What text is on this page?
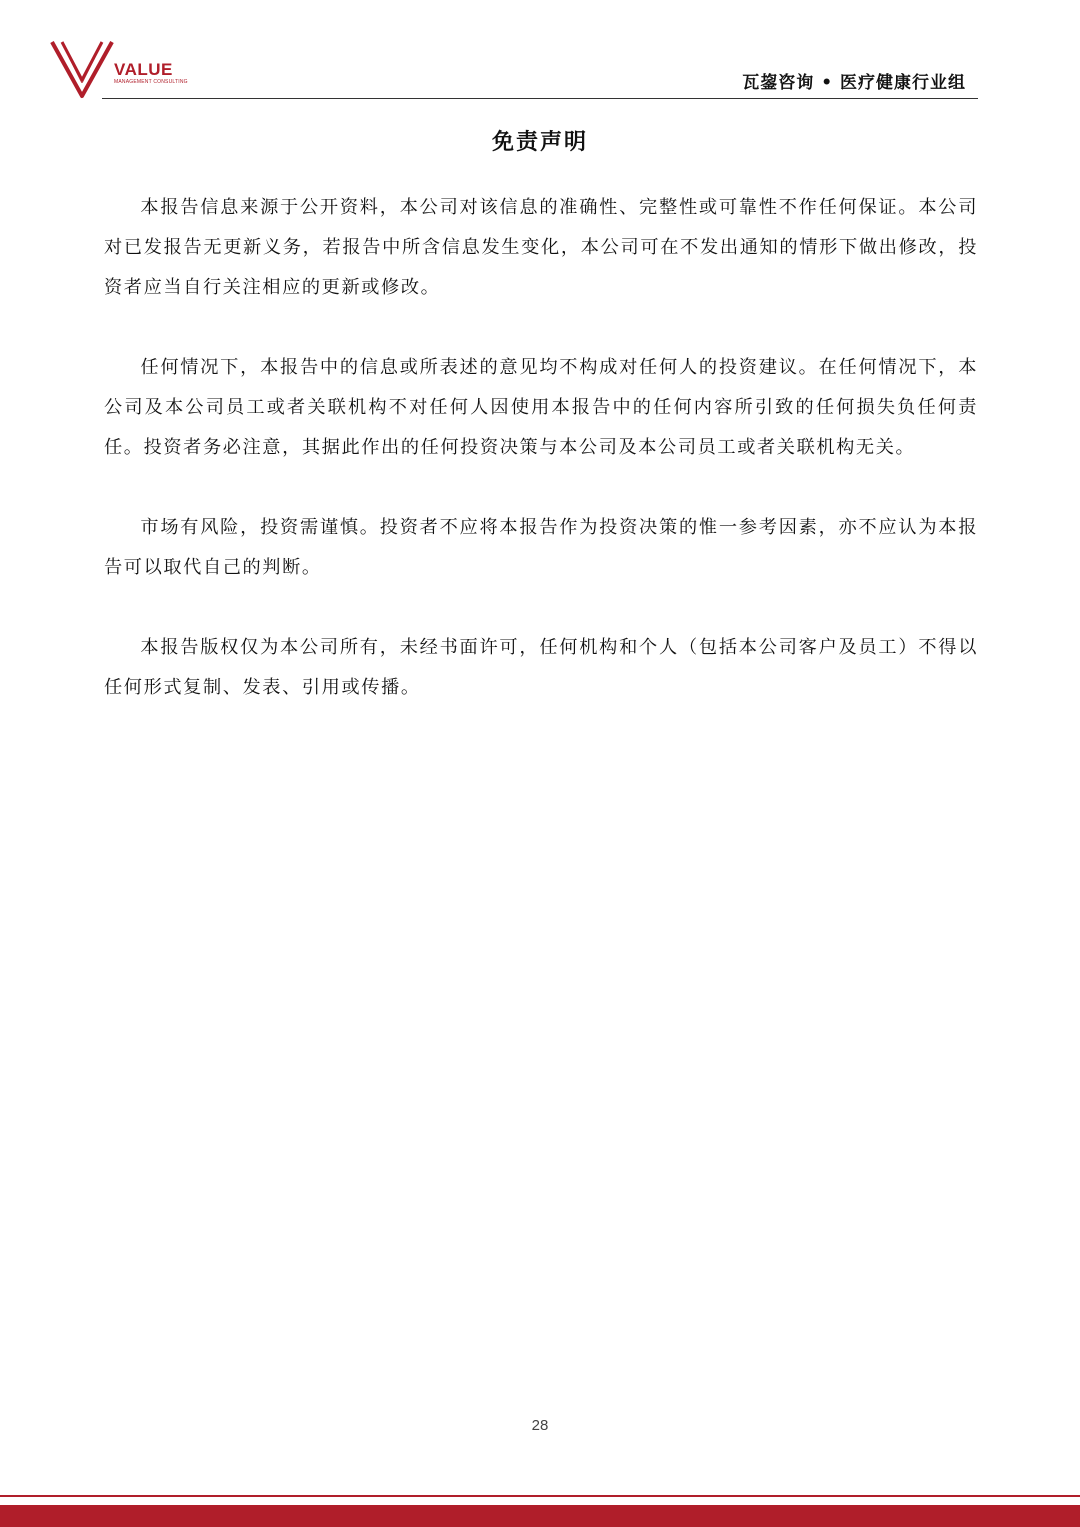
VALUE
MANAGEMENT CONSULTING	瓦鋆咨询 • 医疗健康行业组
免责声明

本报告信息来源于公开资料，本公司对该信息的准确性、完整性或可靠性不作任何保证。本公司对已发报告无更新义务，若报告中所含信息发生变化，本公司可在不发出通知的情形下做出修改，投资者应当自行关注相应的更新或修改。

任何情况下，本报告中的信息或所表述的意见均不构成对任何人的投资建议。在任何情况下，本公司及本公司员工或者关联机构不对任何人因使用本报告中的任何内容所引致的任何损失负任何责任。投资者务必注意，其据此作出的任何投资决策与本公司及本公司员工或者关联机构无关。

市场有风险，投资需谨慎。投资者不应将本报告作为投资决策的惟一参考因素，亦不应认为本报告可以取代自己的判断。

本报告版权仅为本公司所有，未经书面许可，任何机构和个人（包括本公司客户及员工）不得以任何形式复制、发表、引用或传播。

28
